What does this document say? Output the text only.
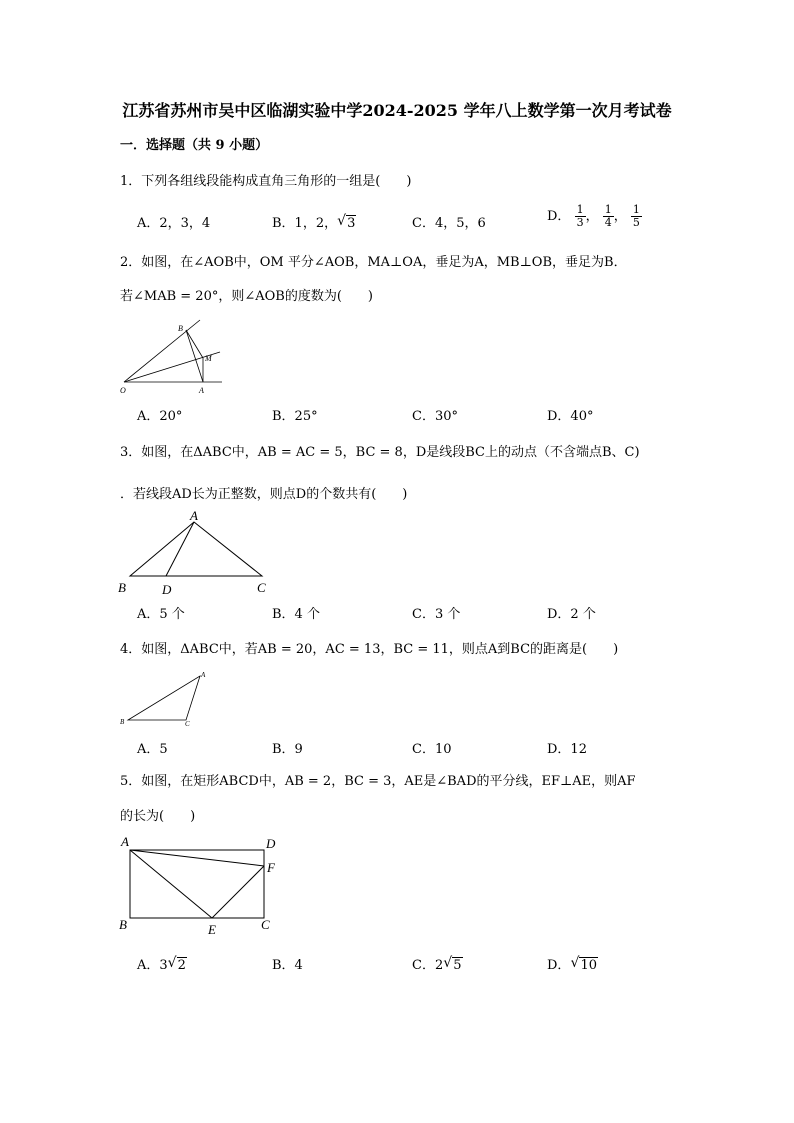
江苏省苏州市吴中区临湖实验中学2024-2025 学年八上数学第一次月考试卷
一．选择题（共 9 小题）
1．下列各组线段能构成直角三角形的一组是(　　)
A．2，3，4	B．1，2， √ 3	C．4，5，6	D． $\frac{1}{3}$ ， $\frac{1}{4}$ ， $\frac{1}{5}$
2．如图，在∠AOB中，OM 平分∠AOB，MA⊥OA，垂足为A，MB⊥OB，垂足为B．
若∠MAB = 20°，则∠AOB的度数为(　　)
B
M
O	A
A．20°	B．25°	C．30°	D．40°
3．如图，在ΔABC中，AB = AC = 5，BC = 8，D是线段BC上的动点（不含端点B、C)
．若线段AD长为正整数，则点D的个数共有(　　)
A
B	D	C
A．5 个	B．4 个	C．3 个	D．2 个
4．如图，ΔABC中，若AB = 20，AC = 13，BC = 11，则点A到BC的距离是(　　)
A
B	C
A．5	B．9	C．10	D．12
5．如图，在矩形ABCD中，AB = 2，BC = 3，AE是∠BAD的平分线，EF⊥AE，则AF
的长为(　　)
A	D
F
B	E	C
A．3 √ 2	B．4	C．2 √ 5	D． √ 10
